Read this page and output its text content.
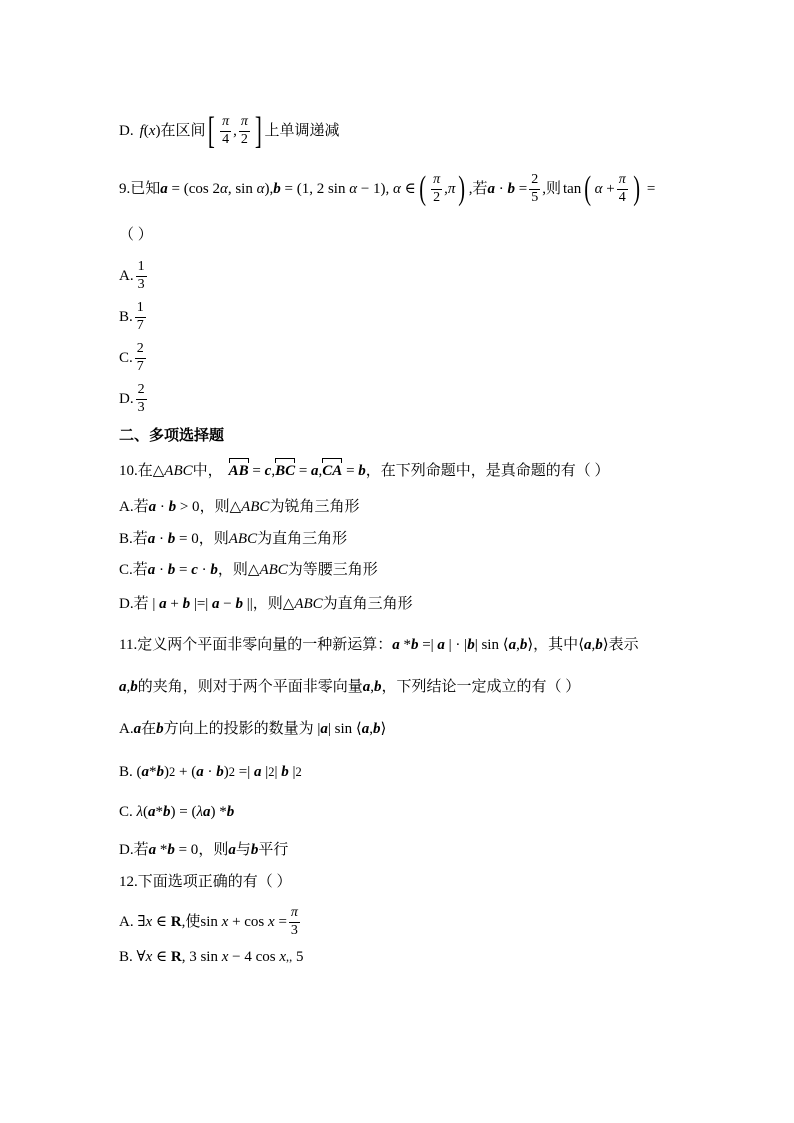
D. f ( x ) 在区间 [ $\frac{\pi}{4}$ , $\frac{\pi}{2}$ ] 上单调递减
9.已知 a = (cos 2 α , sin α ), b = (1, 2 sin α − 1), α ∈ ( $\frac{\pi}{2}$ , π ) ,若 $a \cdot b = \frac{2}{5}$ ,则 tan ( $\alpha + \frac{\pi}{4}$ ) =
（ ）
A. $\frac{1}{3}$
B. $\frac{1}{7}$
C. $\frac{2}{7}$
D. $\frac{2}{3}$
二、多项选择题
10.在△ ABC 中， AB = c , BC = a , CA = b ，在下列命题中，是真命题的有（ ）
A.若 a · b > 0 ，则△ ABC 为锐角三角形
B.若 a · b = 0 ，则 ABC 为直角三角形
C.若 a · b = c · b ，则△ ABC 为等腰三角形
D.若 | a + b |=| a − b || ，则△ ABC 为直角三角形
11.定义两个平面非零向量的一种新运算： a * b =| a | · | b | sin ⟨ a , b ⟩ ，其中 ⟨ a , b ⟩ 表示
a , b 的夹角，则对于两个平面非零向量 a , b ，下列结论一定成立的有（ ）
A. a 在 b 方向上的投影的数量为 | a | sin ⟨ a , b ⟩
B. ( a * b ) 2 + ( a · b ) 2 =| a | 2 | b | 2
C.
λ ( a * b ) = ( λ a ) * b
D.若 a * b = 0 ，则 a 与 b 平行
12.下面选项正确的有（ ）
A. ∃ x ∈ R , 使 $\sin x + \cos x = \frac{\pi}{3}$
B. ∀ x ∈ R , 3 sin x − 4 cos x ,, 5
